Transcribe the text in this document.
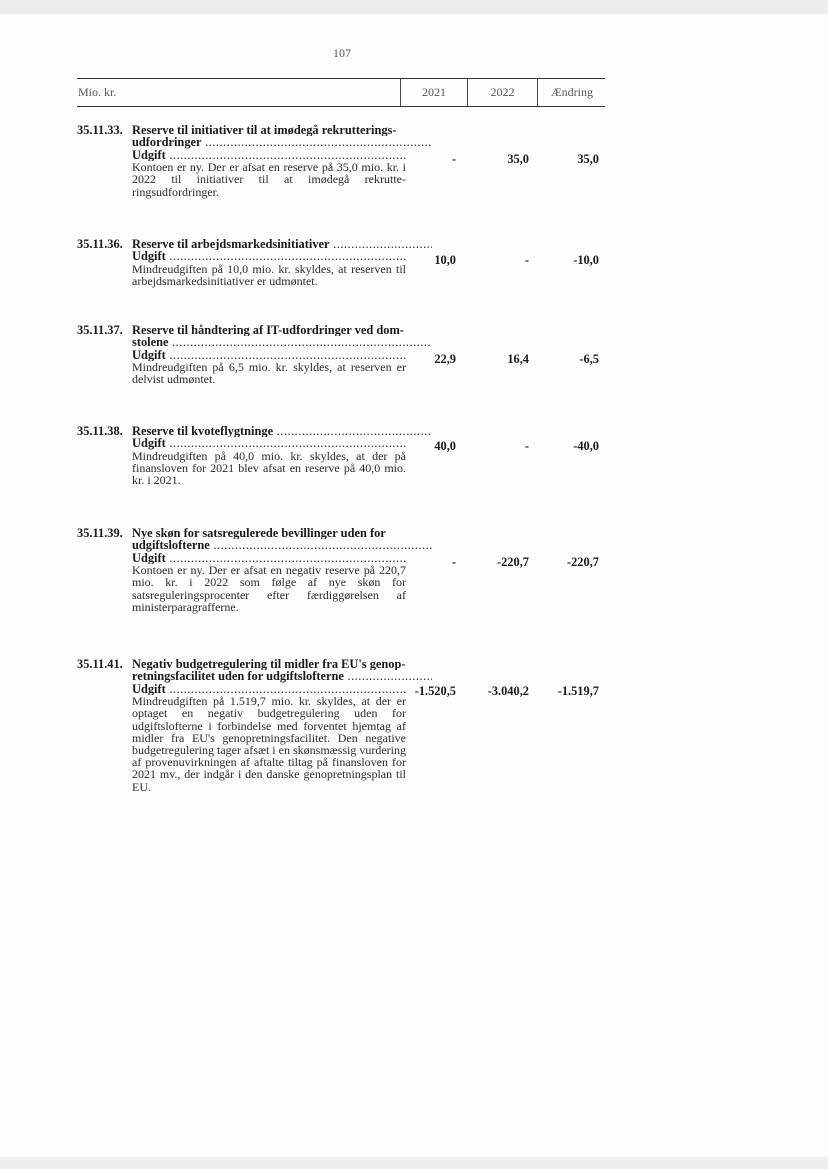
107
Mio. kr.	2021	2022	Ændring
35.11.33. Reserve til initiativer til at imødegå rekrutterings-
udfordringer .....
Udgift .....
Kontoen er ny. Der er afsat en reserve på 35,0 mio. kr. i 2022 til initiativer til at imødegå rekrutteringsudfordringer.
-	35,0	35,0
35.11.36. Reserve til arbejdsmarkedsinitiativer .....
Udgift .....
Mindreudgiften på 10,0 mio. kr. skyldes, at reserven til arbejdsmarkedsinitiativer er udmøntet.
10,0	-	-10,0
35.11.37. Reserve til håndtering af IT-udfordringer ved dom-
stolene .....
Udgift .....
Mindreudgiften på 6,5 mio. kr. skyldes, at reserven er delvist udmøntet.
22,9	16,4	-6,5
35.11.38. Reserve til kvoteflygtninge .....
Udgift .....
Mindreudgiften på 40,0 mio. kr. skyldes, at der på finansloven for 2021 blev afsat en reserve på 40,0 mio. kr. i 2021.
40,0	-	-40,0
35.11.39. Nye skøn for satsregulerede bevillinger uden for
udgiftslofterne .....
Udgift .....
Kontoen er ny. Der er afsat en negativ reserve på 220,7 mio. kr. i 2022 som følge af nye skøn for satsreguleringsprocenter efter færdiggørelsen af ministerparagrafferne.
-	-220,7	-220,7
35.11.41. Negativ budgetregulering til midler fra EU's genop-
retningsfacilitet uden for udgiftslofterne .....
Udgift .....
Mindreudgiften på 1.519,7 mio. kr. skyldes, at der er optaget en negativ budgetregulering uden for udgiftslofterne i forbindelse med forventet hjemtag af midler fra EU's genopretningsfacilitet. Den negative budgetregulering tager afsæt i en skønsmæssig vurdering af provenuvirkningen af aftalte tiltag på finansloven for 2021 mv., der indgår i den danske genopretningsplan til EU.
-1.520,5	-3.040,2	-1.519,7
